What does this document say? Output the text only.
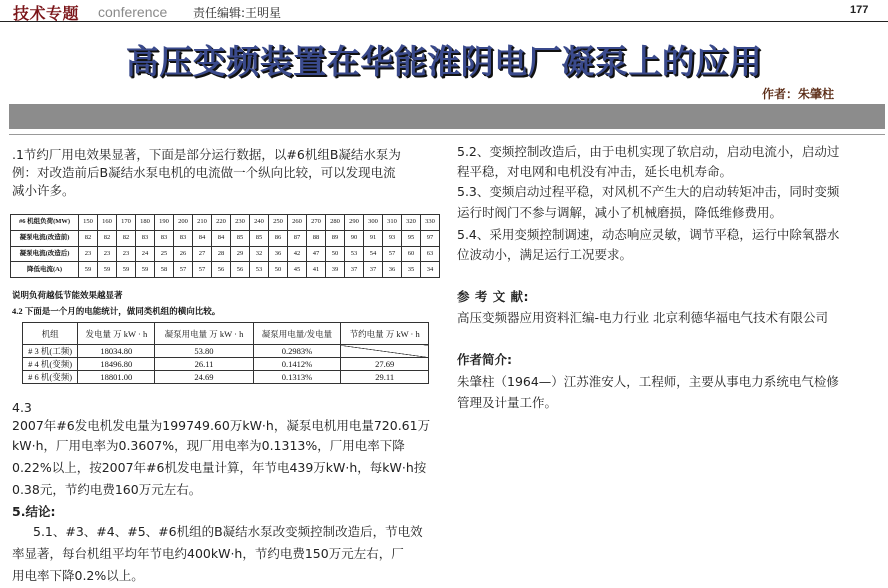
技术专题 conference 责任编辑:王明星	177
高压变频装置在华能淮阴电厂凝泵上的应用
作者：朱肇柱
.1节约厂用电效果显著，下面是部分运行数据，以#6机组B凝结水泵为
例：对改造前后B凝结水泵电机的电流做一个纵向比较，可以发现电流
减小许多。
#6 机组负荷(MW)	150	160	170	180	190	200	210	220	230	240	250	260	270	280	290	300	310	320	330
凝泵电流(改造前)	82	82	82	83	83	83	84	84	85	85	86	87	88	89	90	91	93	95	97
凝泵电流(改造后)	23	23	23	24	25	26	27	28	29	32	36	42	47	50	53	54	57	60	63
降低电流(A)	59	59	59	59	58	57	57	56	56	53	50	45	41	39	37	37	36	35	34
说明负荷越低节能效果越显著
4.2 下面是一个月的电能统计，做同类机组的横向比较。
机组	发电量 万 kW · h	凝泵用电量 万 kW · h	凝泵用电量/发电量	节约电量 万 kW · h
# 3 机(工频)	18034.80	53.80	0.2983%	
# 4 机(变频)	18496.80	26.11	0.1412%	27.69
# 6 机(变频)	18801.00	24.69	0.1313%	29.11
4.3
2007年#6发电机发电量为199749.60万kW·h，凝泵电机用电量720.61万
kW·h，厂用电率为0.3607%，现厂用电率为0.1313%，厂用电率下降
0.22%以上，按2007年#6机发电量计算，年节电439万kW·h，每kW·h按
0.38元，节约电费160万元左右。
5.结论:
5.1、#3、#4、#5、#6机组的B凝结水泵改变频控制改造后，节电效
率显著，每台机组平均年节电约400kW·h，节约电费150万元左右，厂
用电率下降0.2%以上。
5.2、变频控制改造后，由于电机实现了软启动，启动电流小，启动过
程平稳，对电网和电机没有冲击，延长电机寿命。
5.3、变频启动过程平稳，对风机不产生大的启动转矩冲击，同时变频
运行时阀门不参与调解，减小了机械磨损，降低维修费用。
5.4、采用变频控制调速，动态响应灵敏，调节平稳，运行中除氧器水
位波动小，满足运行工况要求。
参 考 文 献:
高压变频器应用资料汇编-电力行业 北京利德华福电气技术有限公司
作者简介:
朱肇柱（1964—）江苏淮安人，工程师，主要从事电力系统电气检修
管理及计量工作。
